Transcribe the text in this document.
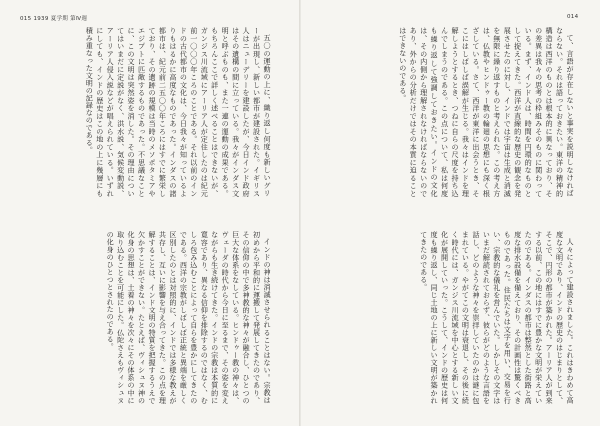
015 1939 夏学期 第Ⅳ週

五〇の運動の上に、織り返し何度も新しいグリーが出現し、新しい都市が建設された。イギリス人はニューデリーを建設したが、今日インド政府はその遺構の間に立っている。我々がインダス文明と呼ぶものも、また一連の運動の成果である。もちろんここで詳しく述べることはできないが、ガンジス川流域にアーリア人が定住したのは紀元前一〇〇〇年ころのことである。それ以前のインドの古代都市の文化は、今日我々が知っているよりもはるかに高度なものであった。インダスの諸都市は、紀元前二五〇〇年ころにはすでに繁栄しており、その遺跡の規模は当時のメソポタミアやエジプトに匹敵するものであった。不思議なことに、この文明は突然姿を消した。その理由についてはいまだに定説がなく、洪水説、気候変動説、アーリア人侵入説などが唱えられている。いずれにしても、インドの歴史はこの地の上に幾層にも積み重なった文明の記録なのである。

インドの神は消滅させられることはない。宗教は初めから平和的に運搬して発展してきたのであり、その信仰の中で多神教的な神々が融合し、ひとつの巨大な体系をなしている。ヒンドゥー教の神々は、ヴェーダの時代から今日に至るまで、その姿を変えながらも生き続けてきた。インドの宗教は本質的に寛容であり、異なる信仰を排除するのではなく、むしろ包み込むことによって自らを豊かにしてきたのである。西洋の宗教がしばしば正統と異端を厳しく区別したのとは対照的に、インドでは多様な教えが共存し、互いに影響を与え合ってきた。この点を理解することは、インド文明の特質を把握するうえで欠かすことができない。たとえば、ヴィシュヌ神の化身の思想は、土着の神々を次々にその体系の中に取り込むことを可能にした。仏陀さえもヴィシュヌの化身のひとつとされたのである。

014

て、言語が存在しないと事実を説明しなければならない。それは語っておきたい。東洋の精神的構造は西洋のものとは根本的に異なっており、その差異は我々の思考の枠組みそのものに関わっている。まず、インド人は、時間を円環的なものとして捉えてきた。西洋が直線的な歴史の観念を発展させたのに対し、インドでは宇宙は生成と消滅を無限に繰り返すものと考えられた。この考え方は、仏教やヒンドゥー教の輪廻の思想にも深く根ざしている。さて、西洋が東洋に出会うとき、そこにはしばしば誤解が生じる。我々はインドを理解しようとするとき、つねに自らの尺度を持ち込んでしまうのである。この点について、私は何度も繰り返して強調しておきたい。インドの文化は、その内側から理解されなければならないのであり、外からの分析だけではその本質に迫ることはできないのである。

人々によって建設されました。これはきわめて高度な文明であり、インドの歴史のはじまりとして、そこで、円形の都市が築かれた。アーリア人が到来する以前、この地にはすでに豊かな文明が栄えていたのである。インダスの都市は整然とした街路と高度な排水設備を備えており、その計画性は驚くべきものであった。住民たちは文字を用い、交易を行い、宗教的な儀礼を営んでいた。しかしその文字はいまだ解読されておらず、彼らがどのような言語を話し、どのような神々を崇拝していたのかは謎に包まれている。やがてこの文明は衰退し、その後に続く時代には、ガンジス川流域を中心とする新しい文化が展開していった。こうして、インドの歴史は何度も繰り返し、同じ土地の上に新しい文明が築かれてきたのである。
